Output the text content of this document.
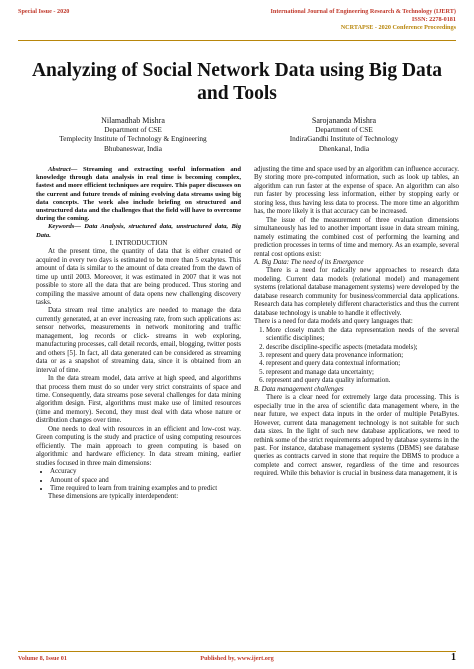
Special Issue - 2020	International Journal of Engineering Research & Technology (IJERT)
ISSN: 2278-0181
NCRTAPSE - 2020 Conference Proceedings
Analyzing of Social Network Data using Big Data and Tools
Nilamadhab Mishra
Department of CSE
Templecity Institute of Technology & Engineering
Bhubaneswar, India
Sarojananda Mishra
Department of CSE
IndiraGandhi Institute of Technology
Dhenkanal, India

Abstract— Streaming and extracting useful information and knowledge through data analysis in real time is becoming complex, fastest and more efficient techniques are require. This paper discusses on the current and future trends of mining evolving data streams using big data concepts. The work also include briefing on structured and unstructured data and the challenges that the field will have to overcome during the coming.

Keywords— Data Analysis, structured data, unstructured data, Big Data.

I. INTRODUCTION

At the present time, the quantity of data that is either created or acquired in every two days is estimated to be more than 5 exabytes. This amount of data is similar to the amount of data created from the dawn of time up until 2003. Moreover, it was estimated in 2007 that it was not possible to store all the data that are being produced. Thus storing and compiling the massive amount of data opens new challenging discovery tasks.

Data stream real time analytics are needed to manage the data currently generated, at an ever increasing rate, from such applications as: sensor networks, measurements in network monitoring and traffic management, log records or click- streams in web exploring, manufacturing processes, call detail records, email, blogging, twitter posts and others [5]. In fact, all data generated can be considered as streaming data or as a snapshot of streaming data, since it is obtained from an interval of time.

In the data stream model, data arrive at high speed, and algorithms that process them must do so under very strict constraints of space and time. Consequently, data streams pose several challenges for data mining algorithm design. First, algorithms must make use of limited resources (time and memory). Second, they must deal with data whose nature or distribution changes over time.

One needs to deal with resources in an efficient and low-cost way. Green computing is the study and practice of using computing resources efficiently. The main approach to green computing is based on algorithmic and hardware efficiency. In data stream mining, earlier studies focused in three main dimensions:

• Accuracy
• Amount of space and
• Time required to learn from training examples and to predict

These dimensions are typically interdependent:

adjusting the time and space used by an algorithm can influence accuracy. By storing more pre-computed information, such as look up tables, an algorithm can run faster at the expense of space. An algorithm can also run faster by processing less information, either by stopping early or storing less, thus having less data to process. The more time an algorithm has, the more likely it is that accuracy can be increased.

The issue of the measurement of three evaluation dimensions simultaneously has led to another important issue in data stream mining, namely estimating the combined cost of performing the learning and prediction processes in terms of time and memory. As an example, several rental cost options exist:

A. Big Data: The need of its Emergence

There is a need for radically new approaches to research data modeling. Current data models (relational model) and management systems (relational database management systems) were developed by the database research community for business/commercial data applications. Research data has completely different characteristics and thus the current database technology is unable to handle it effectively.

There is a need for data models and query languages that:

1. More closely match the data representation needs of the several scientific disciplines;
2. describe discipline-specific aspects (metadata models);
3. represent and query data provenance information;
4. represent and query data contextual information;
5. represent and manage data uncertainty;
6. represent and query data quality information.

B. Data management challenges

There is a clear need for extremely large data processing. This is especially true in the area of scientific data management where, in the near future, we expect data inputs in the order of multiple PetaBytes. However, current data management technology is not suitable for such data sizes. In the light of such new database applications, we need to rethink some of the strict requirements adopted by database systems in the past. For instance, database management systems (DBMS) see database queries as contracts carved in stone that require the DBMS to produce a complete and correct answer, regardless of the time and resources required. While this behavior is crucial in business data management, it is

Volume 8, Issue 01	Published by, www.ijert.org	1
